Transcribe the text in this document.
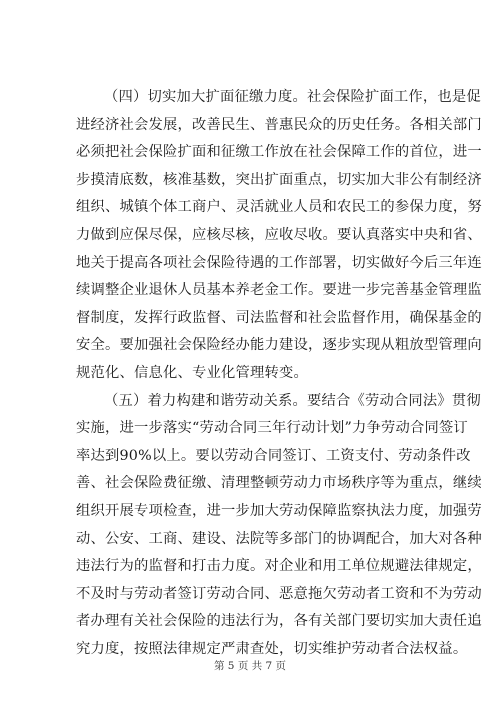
（四）切实加大扩面征缴力度。社会保险扩面工作，也是促
进经济社会发展，改善民生、普惠民众的历史任务。各相关部门
必须把社会保险扩面和征缴工作放在社会保障工作的首位，进一
步摸清底数，核准基数，突出扩面重点，切实加大非公有制经济
组织、城镇个体工商户、灵活就业人员和农民工的参保力度，努
力做到应保尽保，应核尽核，应收尽收。要认真落实中央和省、
地关于提高各项社会保险待遇的工作部署，切实做好今后三年连
续调整企业退休人员基本养老金工作。要进一步完善基金管理监
督制度，发挥行政监督、司法监督和社会监督作用，确保基金的
安全。要加强社会保险经办能力建设，逐步实现从粗放型管理向
规范化、信息化、专业化管理转变。
（五）着力构建和谐劳动关系。要结合《劳动合同法》贯彻
实施，进一步落实“劳动合同三年行动计划”力争劳动合同签订
率达到90%以上。要以劳动合同签订、工资支付、劳动条件改
善、社会保险费征缴、清理整顿劳动力市场秩序等为重点，继续
组织开展专项检查，进一步加大劳动保障监察执法力度，加强劳
动、公安、工商、建设、法院等多部门的协调配合，加大对各种
违法行为的监督和打击力度。对企业和用工单位规避法律规定，
不及时与劳动者签订劳动合同、恶意拖欠劳动者工资和不为劳动
者办理有关社会保险的违法行为，各有关部门要切实加大责任追
究力度，按照法律规定严肃查处，切实维护劳动者合法权益。
第 5 页 共 7 页
